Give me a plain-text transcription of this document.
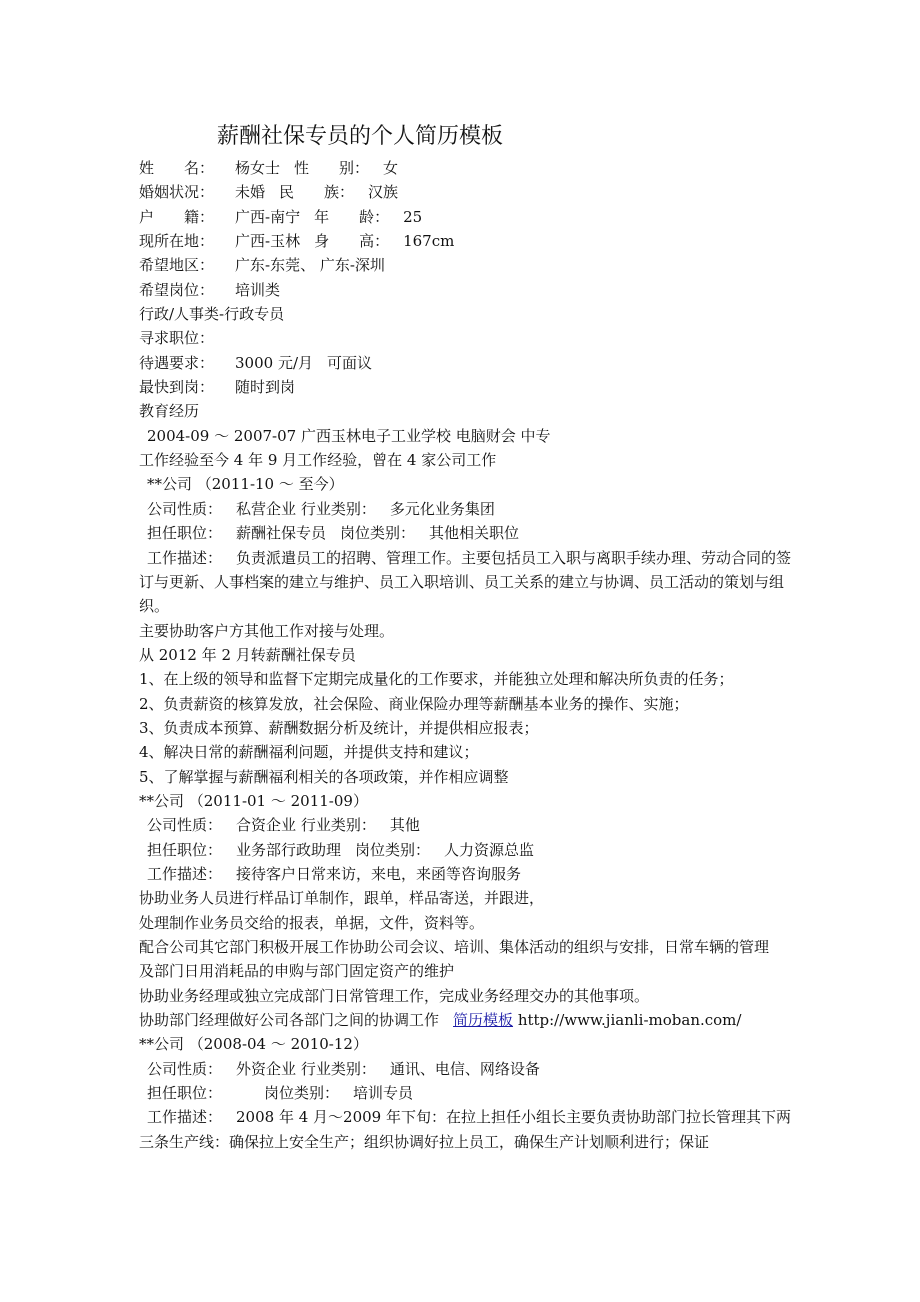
薪酬社保专员的个人简历模板
姓　　名： 杨女士 性　　别： 女
婚姻状况： 未婚 民　　族： 汉族
户　　籍： 广西-南宁 年　　龄： 25
现所在地： 广西-玉林 身　　高： 167cm
希望地区： 广东-东莞、 广东-深圳
希望岗位： 培训类
行政/人事类-行政专员
寻求职位：
待遇要求： 3000 元/月 可面议
最快到岗： 随时到岗
教育经历
2004-09 ～ 2007-07 广西玉林电子工业学校 电脑财会 中专
工作经验至今 4 年 9 月工作经验，曾在 4 家公司工作
**公司 （2011-10 ～ 至今）
公司性质： 私营企业 行业类别： 多元化业务集团
担任职位： 薪酬社保专员 岗位类别： 其他相关职位
工作描述： 负责派遣员工的招聘、管理工作。主要包括员工入职与离职手续办理、劳动合同的签订与更新、人事档案的建立与维护、员工入职培训、员工关系的建立与协调、员工活动的策划与组织。
主要协助客户方其他工作对接与处理。
从 2012 年 2 月转薪酬社保专员
1、在上级的领导和监督下定期完成量化的工作要求，并能独立处理和解决所负责的任务；
2、负责薪资的核算发放，社会保险、商业保险办理等薪酬基本业务的操作、实施；
3、负责成本预算、薪酬数据分析及统计，并提供相应报表；
4、解决日常的薪酬福利问题，并提供支持和建议；
5、了解掌握与薪酬福利相关的各项政策，并作相应调整
**公司 （2011-01 ～ 2011-09）
公司性质： 合资企业 行业类别： 其他
担任职位： 业务部行政助理 岗位类别： 人力资源总监
工作描述： 接待客户日常来访，来电，来函等咨询服务
协助业务人员进行样品订单制作，跟单，样品寄送，并跟进，
处理制作业务员交给的报表，单据，文件，资料等。
配合公司其它部门积极开展工作协助公司会议、培训、集体活动的组织与安排，日常车辆的管理
及部门日用消耗品的申购与部门固定资产的维护
协助业务经理或独立完成部门日常管理工作，完成业务经理交办的其他事项。
协助部门经理做好公司各部门之间的协调工作 简历模板 http://www.jianli-moban.com/
**公司 （2008-04 ～ 2010-12）
公司性质： 外资企业 行业类别： 通讯、电信、网络设备
担任职位：	岗位类别： 培训专员
工作描述： 2008 年 4 月～2009 年下旬：在拉上担任小组长主要负责协助部门拉长管理其下两三条生产线：确保拉上安全生产；组织协调好拉上员工，确保生产计划顺利进行；保证
